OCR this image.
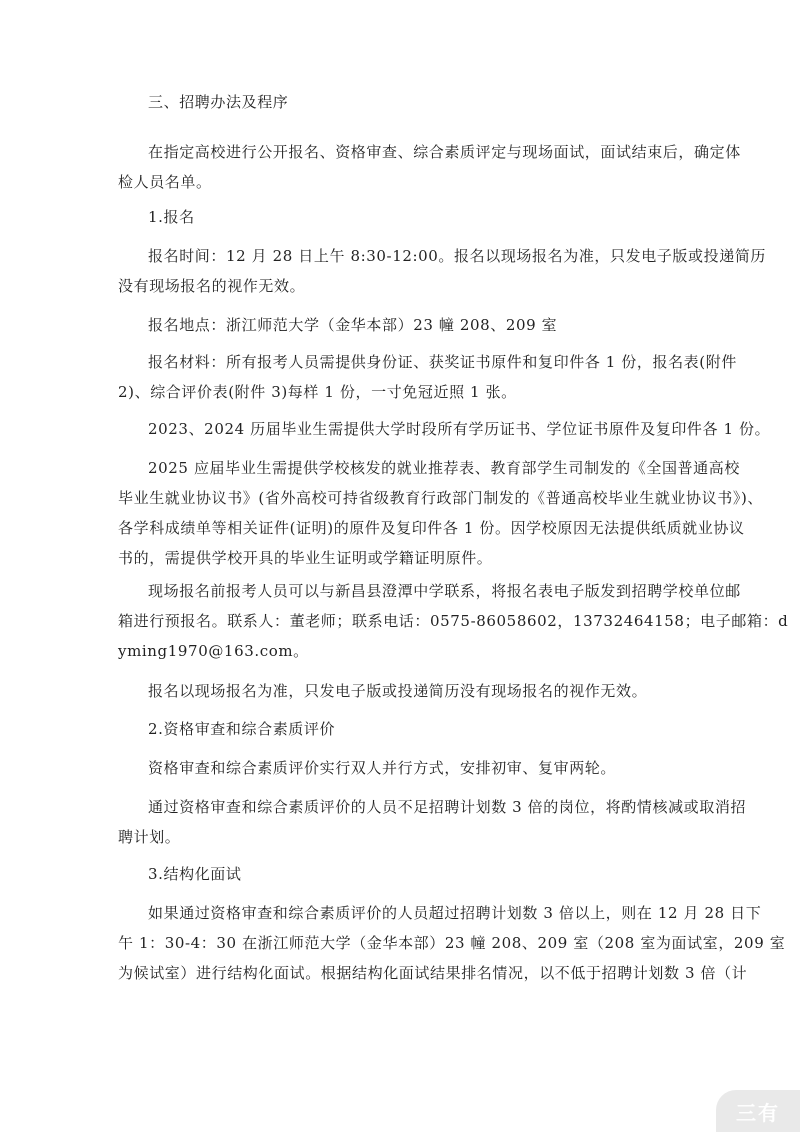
三、招聘办法及程序

在指定高校进行公开报名、资格审查、综合素质评定与现场面试，面试结束后，确定体
检人员名单。

1.报名

报名时间：12 月 28 日上午 8:30-12:00。报名以现场报名为准，只发电子版或投递简历
没有现场报名的视作无效。

报名地点：浙江师范大学（金华本部）23 幢 208、209 室

报名材料：所有报考人员需提供身份证、获奖证书原件和复印件各 1 份，报名表(附件
2)、综合评价表(附件 3)每样 1 份，一寸免冠近照 1 张。

2023、2024 历届毕业生需提供大学时段所有学历证书、学位证书原件及复印件各 1 份。

2025 应届毕业生需提供学校核发的就业推荐表、教育部学生司制发的《全国普通高校
毕业生就业协议书》(省外高校可持省级教育行政部门制发的《普通高校毕业生就业协议书》)、
各学科成绩单等相关证件(证明)的原件及复印件各 1 份。因学校原因无法提供纸质就业协议
书的，需提供学校开具的毕业生证明或学籍证明原件。

现场报名前报考人员可以与新昌县澄潭中学联系，将报名表电子版发到招聘学校单位邮
箱进行预报名。联系人：董老师；联系电话：0575-86058602，13732464158；电子邮箱：d
yming1970@163.com。

报名以现场报名为准，只发电子版或投递简历没有现场报名的视作无效。

2.资格审查和综合素质评价

资格审查和综合素质评价实行双人并行方式，安排初审、复审两轮。

通过资格审查和综合素质评价的人员不足招聘计划数 3 倍的岗位，将酌情核减或取消招
聘计划。

3.结构化面试

如果通过资格审查和综合素质评价的人员超过招聘计划数 3 倍以上，则在 12 月 28 日下
午 1：30-4：30 在浙江师范大学（金华本部）23 幢 208、209 室（208 室为面试室，209 室
为候试室）进行结构化面试。根据结构化面试结果排名情况，以不低于招聘计划数 3 倍（计

三有
